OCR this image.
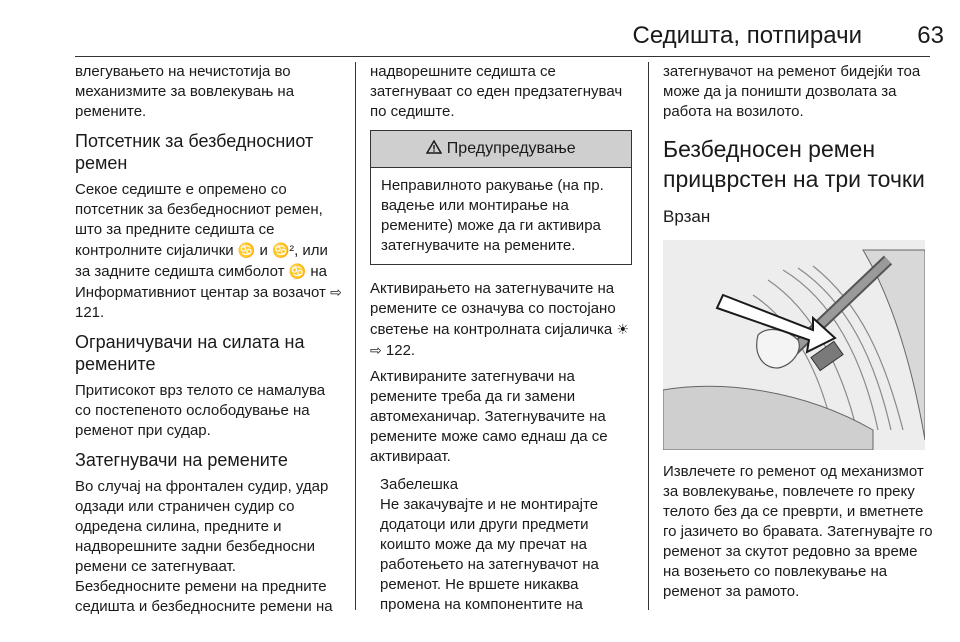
Седишта, потпирачи 63

влегувањето на нечистотија во механизмите за вовлекувањ на ремените.

Потсетник за безбедносниот ремен

Секое седиште е опремено со потсетник за безбедносниот ремен, што за предните седишта се контролните сијалички ♋ и ♋², или за задните седишта симболот ♋ на Информативниот центар за возачот ⇨ 121.

Ограничувачи на силата на ремените

Притисокот врз телото се намалува со постепеното ослободување на ремeнот при судар.

Затегнувачи на ремените

Во случај на фронтален судир, удар одзади или страничен судир со одредена силина, предните и надворешните задни безбедносни ремени се затегнуваат.

Безбедносните ремени на предните седишта и безбедносните ремени на

надворешните седишта се затегнуваат со еден предзатегнувач по седиште.

Предупредување
Неправилното ракување (на пр. вадење или монтирање на ремените) може да ги активира затегнувачите на ремените.

Активирањето на затегнувачите на ремените се означува со постојано светење на контролната сијаличка ☀ ⇨ 122.

Активираните затегнувачи на ремените треба да ги замени автомеханичар. Затегнувачите на ремените може само еднаш да се активираат.

Забелешка

Не закачувајте и не монтирајте додатоци или други предмети коишто може да му пречат на работењето на затегнувачот на ременот. Не вршете никаква промена на компонентите на

затегнувачот на ременот бидејќи тоа може да ја поништи дозволата за работа на возилото.

Безбедносен ремен прицврстен на три точки

Врзан

Извлечете го ременот од механизмот за вовлекување, повлечете го преку телото без да се преврти, и вметнете го јазичето во бравата. Затегнувајте го ременот за скутот редовно за време на возењето со повлекување на ременот за рамото.
